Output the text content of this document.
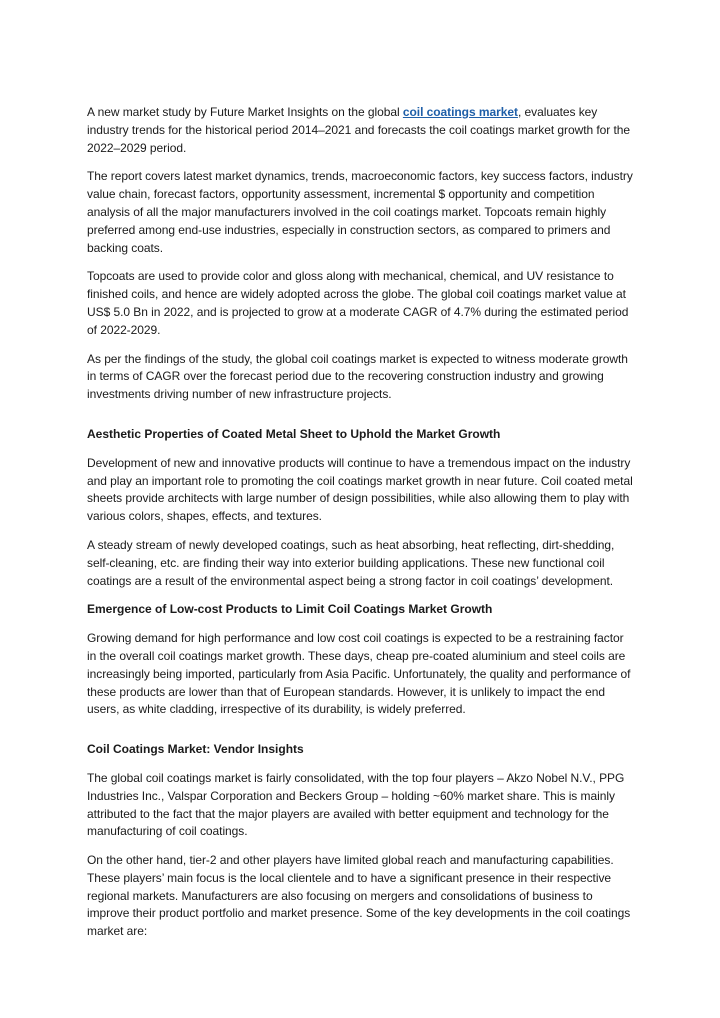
A new market study by Future Market Insights on the global coil coatings market, evaluates key industry trends for the historical period 2014–2021 and forecasts the coil coatings market growth for the 2022–2029 period.

The report covers latest market dynamics, trends, macroeconomic factors, key success factors, industry value chain, forecast factors, opportunity assessment, incremental $ opportunity and competition analysis of all the major manufacturers involved in the coil coatings market. Topcoats remain highly preferred among end-use industries, especially in construction sectors, as compared to primers and backing coats.

Topcoats are used to provide color and gloss along with mechanical, chemical, and UV resistance to finished coils, and hence are widely adopted across the globe. The global coil coatings market value at US$ 5.0 Bn in 2022, and is projected to grow at a moderate CAGR of 4.7% during the estimated period of 2022-2029.

As per the findings of the study, the global coil coatings market is expected to witness moderate growth in terms of CAGR over the forecast period due to the recovering construction industry and growing investments driving number of new infrastructure projects.

Aesthetic Properties of Coated Metal Sheet to Uphold the Market Growth

Development of new and innovative products will continue to have a tremendous impact on the industry and play an important role to promoting the coil coatings market growth in near future. Coil coated metal sheets provide architects with large number of design possibilities, while also allowing them to play with various colors, shapes, effects, and textures.

A steady stream of newly developed coatings, such as heat absorbing, heat reflecting, dirt-shedding, self-cleaning, etc. are finding their way into exterior building applications. These new functional coil coatings are a result of the environmental aspect being a strong factor in coil coatings’ development.

Emergence of Low-cost Products to Limit Coil Coatings Market Growth

Growing demand for high performance and low cost coil coatings is expected to be a restraining factor in the overall coil coatings market growth. These days, cheap pre-coated aluminium and steel coils are increasingly being imported, particularly from Asia Pacific. Unfortunately, the quality and performance of these products are lower than that of European standards. However, it is unlikely to impact the end users, as white cladding, irrespective of its durability, is widely preferred.

Coil Coatings Market: Vendor Insights

The global coil coatings market is fairly consolidated, with the top four players – Akzo Nobel N.V., PPG Industries Inc., Valspar Corporation and Beckers Group – holding ~60% market share. This is mainly attributed to the fact that the major players are availed with better equipment and technology for the manufacturing of coil coatings.

On the other hand, tier-2 and other players have limited global reach and manufacturing capabilities. These players’ main focus is the local clientele and to have a significant presence in their respective regional markets. Manufacturers are also focusing on mergers and consolidations of business to improve their product portfolio and market presence. Some of the key developments in the coil coatings market are:
